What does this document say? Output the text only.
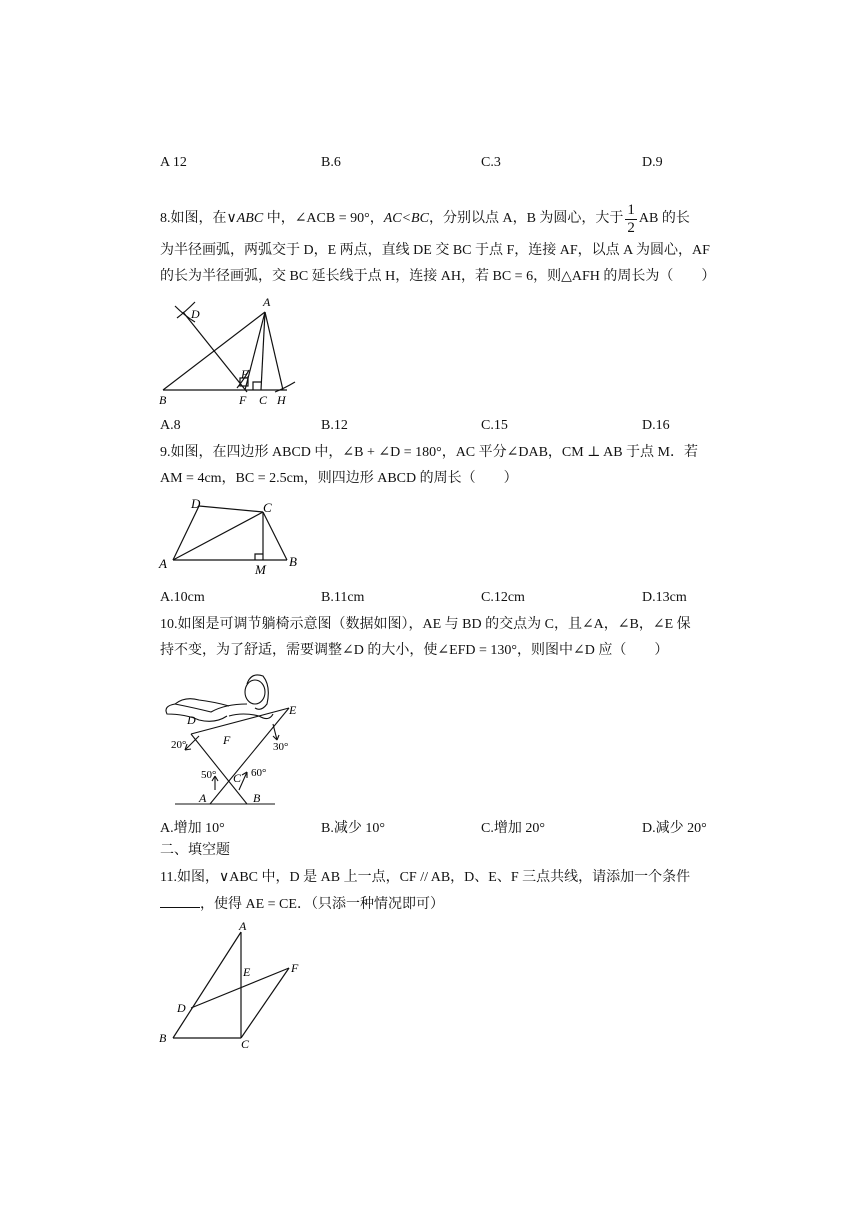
A 12	B.6	C.3	D.9
8.如图，在∨ABC 中，∠ACB = 90°，AC<BC，分别以点 A，B 为圆心，大于 $\frac{1}{2}$ AB 的长
为半径画弧，两弧交于 D，E 两点，直线 DE 交 BC 于点 F，连接 AF，以点 A 为圆心，AF
的长为半径画弧，交 BC 延长线于点 H，连接 AH，若 BC = 6，则△AFH 的周长为（　　）
A
D
E
B	F C H
A.8	B.12	C.15	D.16
9.如图，在四边形 ABCD 中，∠B + ∠D = 180°，AC 平分∠DAB，CM ⊥ AB 于点 M．若
AM = 4cm，BC = 2.5cm，则四边形 ABCD 的周长（　　）
D	C
A	M
B
A.10cm	B.11cm	C.12cm	D.13cm
10.如图是可调节躺椅示意图（数据如图），AE 与 BD 的交点为 C，且∠A，∠B，∠E 保
持不变，为了舒适，需要调整∠D 的大小，使∠EFD = 130°，则图中∠D 应（　　）
D
E
F
C
A	B
20°	30°
50°	60°
A.增加 10°	B.减少 10°	C.增加 20°	D.减少 20°
二、填空题
11.如图，∨ABC 中，D 是 AB 上一点，CF // AB，D、E、F 三点共线，请添加一个条件
，使得 AE = CE．（只添一种情况即可）
A
E	F
D
B	C
